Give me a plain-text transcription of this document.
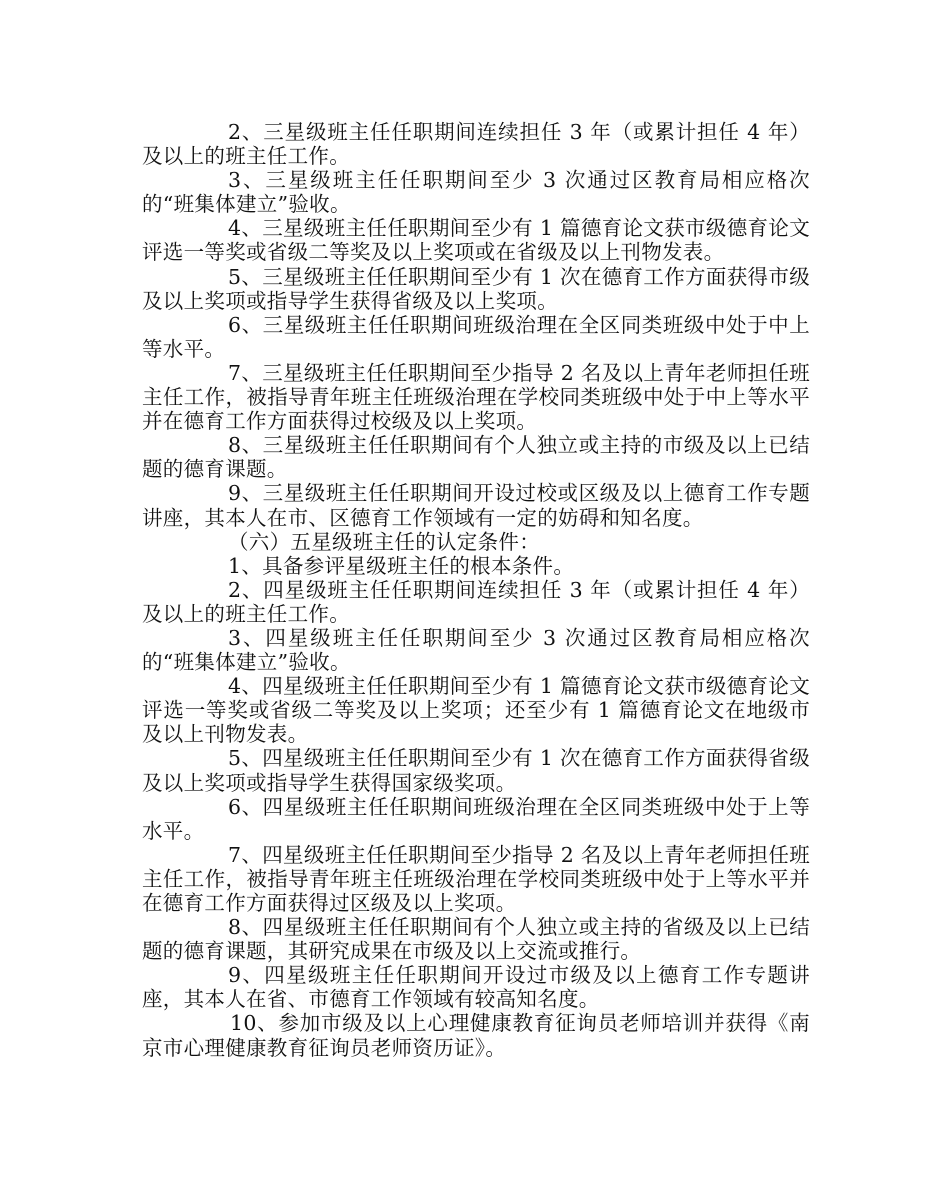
2、三星级班主任任职期间连续担任 3 年（或累计担任 4 年）及以上的班主任工作。

3、三星级班主任任职期间至少 3 次通过区教育局相应格次的“班集体建立”验收。

4、三星级班主任任职期间至少有 1 篇德育论文获市级德育论文评选一等奖或省级二等奖及以上奖项或在省级及以上刊物发表。

5、三星级班主任任职期间至少有 1 次在德育工作方面获得市级及以上奖项或指导学生获得省级及以上奖项。

6、三星级班主任任职期间班级治理在全区同类班级中处于中上等水平。

7、三星级班主任任职期间至少指导 2 名及以上青年老师担任班主任工作，被指导青年班主任班级治理在学校同类班级中处于中上等水平并在德育工作方面获得过校级及以上奖项。

8、三星级班主任任职期间有个人独立或主持的市级及以上已结题的德育课题。

9、三星级班主任任职期间开设过校或区级及以上德育工作专题讲座，其本人在市、区德育工作领域有一定的妨碍和知名度。

（六）五星级班主任的认定条件：

1、具备参评星级班主任的根本条件。

2、四星级班主任任职期间连续担任 3 年（或累计担任 4 年）及以上的班主任工作。

3、四星级班主任任职期间至少 3 次通过区教育局相应格次的“班集体建立”验收。

4、四星级班主任任职期间至少有 1 篇德育论文获市级德育论文评选一等奖或省级二等奖及以上奖项；还至少有 1 篇德育论文在地级市及以上刊物发表。

5、四星级班主任任职期间至少有 1 次在德育工作方面获得省级及以上奖项或指导学生获得国家级奖项。

6、四星级班主任任职期间班级治理在全区同类班级中处于上等水平。

7、四星级班主任任职期间至少指导 2 名及以上青年老师担任班主任工作，被指导青年班主任班级治理在学校同类班级中处于上等水平并在德育工作方面获得过区级及以上奖项。

8、四星级班主任任职期间有个人独立或主持的省级及以上已结题的德育课题，其研究成果在市级及以上交流或推行。

9、四星级班主任任职期间开设过市级及以上德育工作专题讲座，其本人在省、市德育工作领域有较高知名度。

10、参加市级及以上心理健康教育征询员老师培训并获得《南京市心理健康教育征询员老师资历证》。
